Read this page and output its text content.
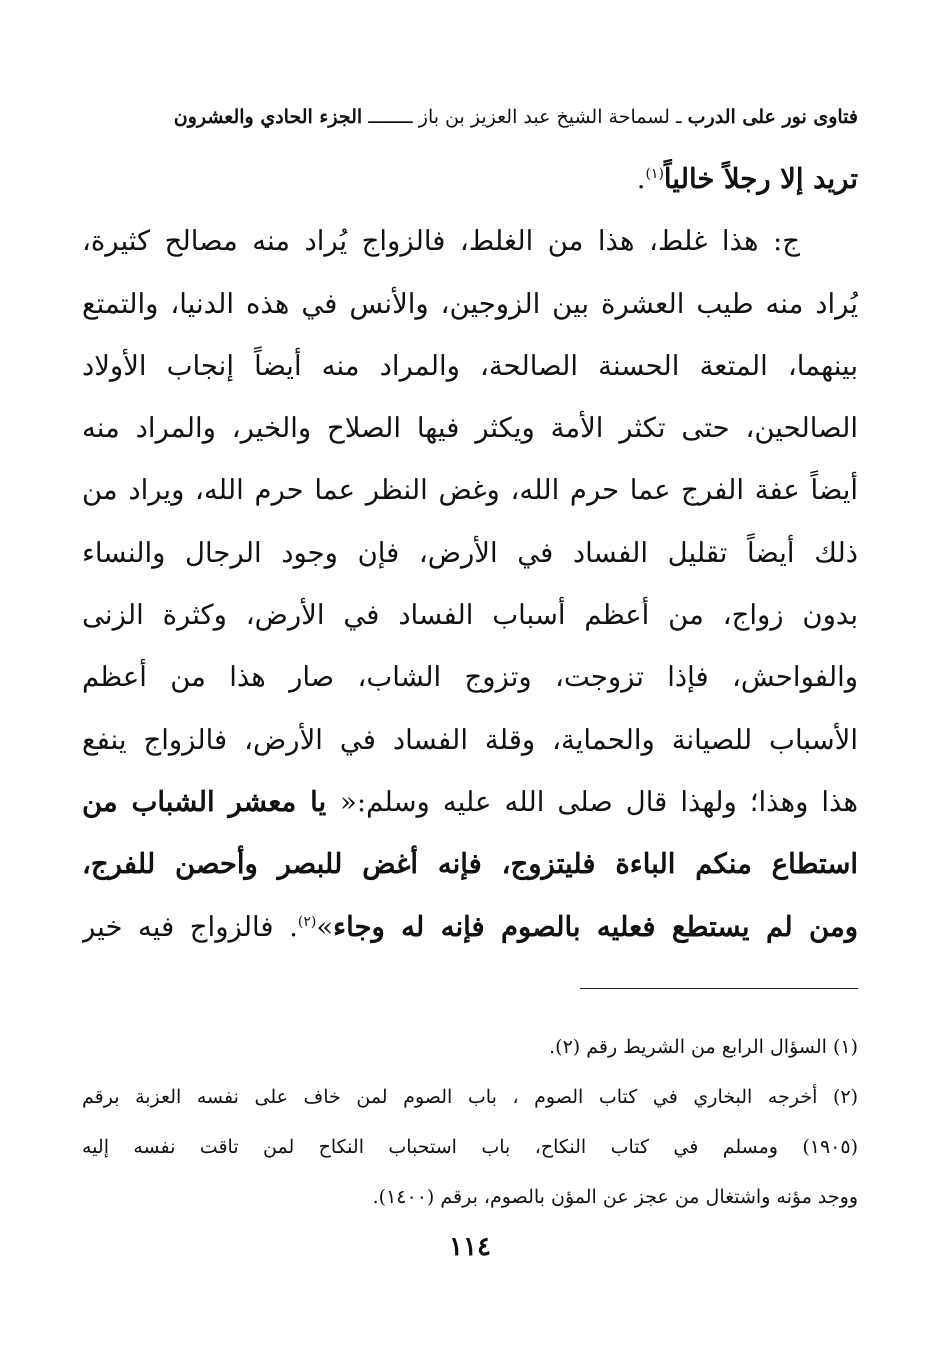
فتاوى نور على الدرب ـ لسماحة الشيخ عبد العزيز بن باز ــــــــ الجزء الحادي والعشرون
تريد إلا رجلاً خالياً$^{(١)}$.
ج: هذا غلط، هذا من الغلط، فالزواج يُراد منه مصالح كثيرة،
يُراد منه طيب العشرة بين الزوجين، والأنس في هذه الدنيا، والتمتع
بينهما، المتعة الحسنة الصالحة، والمراد منه أيضاً إنجاب الأولاد
الصالحين، حتى تكثر الأمة ويكثر فيها الصلاح والخير، والمراد منه
أيضاً عفة الفرج عما حرم الله، وغض النظر عما حرم الله، ويراد من
ذلك أيضاً تقليل الفساد في الأرض، فإن وجود الرجال والنساء
بدون زواج، من أعظم أسباب الفساد في الأرض، وكثرة الزنى
والفواحش، فإذا تزوجت، وتزوج الشاب، صار هذا من أعظم
الأسباب للصيانة والحماية، وقلة الفساد في الأرض، فالزواج ينفع
هذا وهذا؛ ولهذا قال صلى الله عليه وسلم:« يا معشر الشباب من
استطاع منكم الباءة فليتزوج، فإنه أغض للبصر وأحصن للفرج،
ومن لم يستطع فعليه بالصوم فإنه له وجاء»$^{(٢)}$. فالزواج فيه خير
(١) السؤال الرابع من الشريط رقم (٢).
(٢) أخرجه البخاري في كتاب الصوم ، باب الصوم لمن خاف على نفسه العزبة برقم
(١٩٠٥) ومسلم في كتاب النكاح، باب استحباب النكاح لمن تاقت نفسه إليه
ووجد مؤنه واشتغال من عجز عن المؤن بالصوم، برقم (١٤٠٠).
١١٤
